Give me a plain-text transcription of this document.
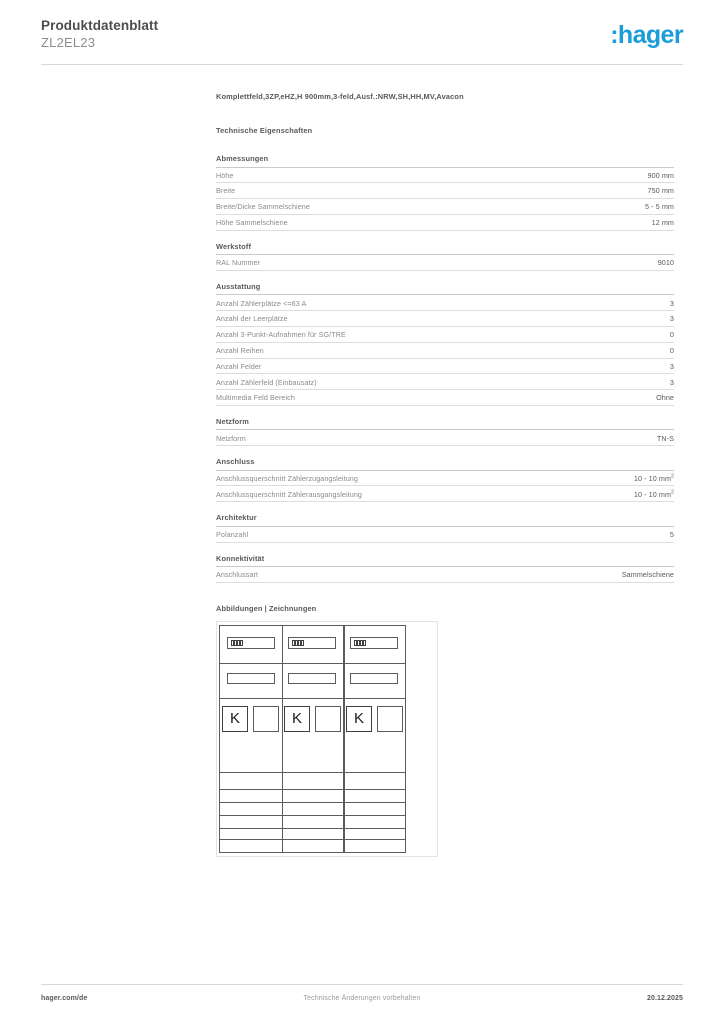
Produktdatenblatt
ZL2EL23	:hager
Komplettfeld,3ZP,eHZ,H 900mm,3-feld,Ausf.:NRW,SH,HH,MV,Avacon
Technische Eigenschaften
Abmessungen
Höhe	900 mm
Breite	750 mm
Breite/Dicke Sammelschiene	5 - 5 mm
Höhe Sammelschiene	12 mm
Werkstoff
RAL Nummer	9010
Ausstattung
Anzahl Zählerplätze <=63 A	3
Anzahl der Leerplätze	3
Anzahl 3-Punkt-Aufnahmen für SG/TRE	0
Anzahl Reihen	0
Anzahl Felder	3
Anzahl Zählerfeld (Einbausatz)	3
Multimedia Feld Bereich	Ohne
Netzform
Netzform	TN-S
Anschluss
Anschlussquerschnitt Zählerzugangsleitung	10 - 10 $mm^2$
Anschlussquerschnitt Zählerausgangsleitung	10 - 10 $mm^2$
Architektur
Polanzahl	5
Konnektivität
Anschlussart	Sammelschiene
Abbildungen | Zeichnungen
K	K	K
hager.com/de	Technische Änderungen vorbehalten	20.12.2025
